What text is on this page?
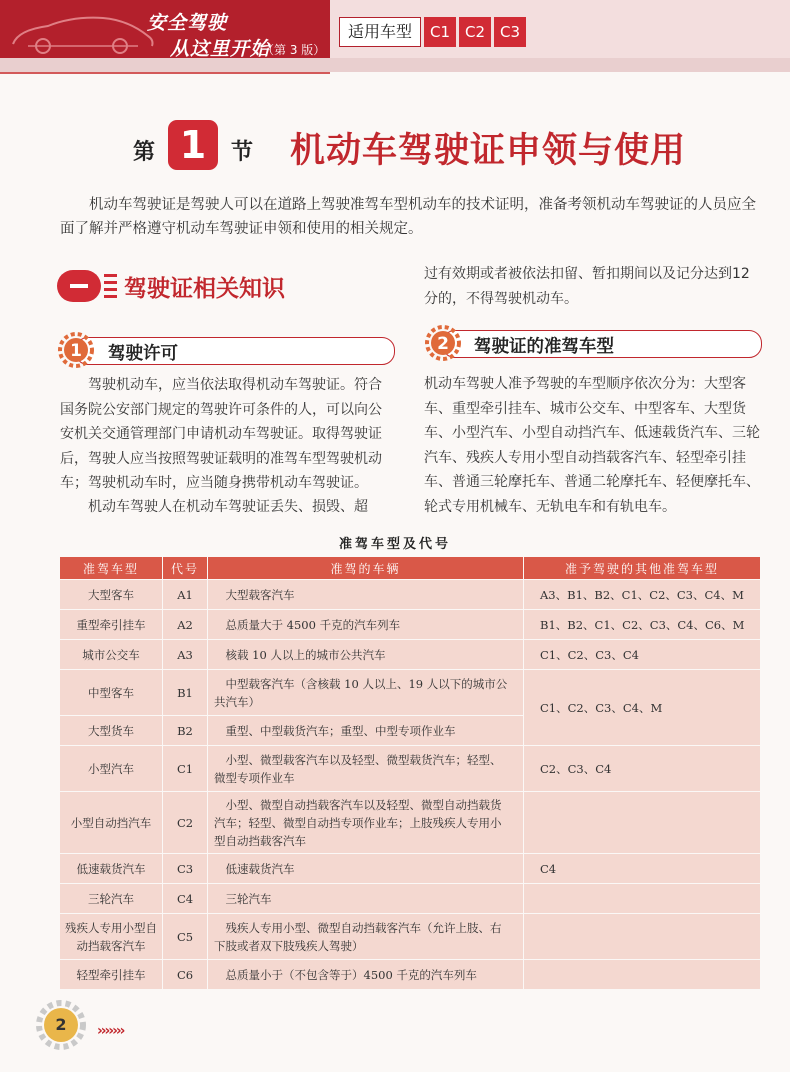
安全驾驶
从这里开始
（第 3 版）
适用车型	C1 C2 C3
第 1	节 机动车驾驶证申领与使用
机动车驾驶证是驾驶人可以在道路上驾驶准驾车型机动车的技术证明，准备考领机动车驾驶证的人员应全面了解并严格遵守机动车驾驶证申领和使用的相关规定。
驾驶证相关知识
1 驾驶许可
驾驶机动车，应当依法取得机动车驾驶证。符合国务院公安部门规定的驾驶许可条件的人，可以向公安机关交通管理部门申请机动车驾驶证。取得驾驶证后，驾驶人应当按照驾驶证载明的准驾车型驾驶机动车；驾驶机动车时，应当随身携带机动车驾驶证。
机动车驾驶人在机动车驾驶证丢失、损毁、超
过有效期或者被依法扣留、暂扣期间以及记分达到12分的，不得驾驶机动车。
2 驾驶证的准驾车型
机动车驾驶人准予驾驶的车型顺序依次分为：大型客车、重型牵引挂车、城市公交车、中型客车、大型货车、小型汽车、小型自动挡汽车、低速载货汽车、三轮汽车、残疾人专用小型自动挡载客汽车、轻型牵引挂车、普通三轮摩托车、普通二轮摩托车、轻便摩托车、轮式专用机械车、无轨电车和有轨电车。
准驾车型及代号
准驾车型	代号	准驾的车辆	准予驾驶的其他准驾车型
大型客车	A1	大型载客汽车	A3、B1、B2、C1、C2、C3、C4、M
重型牵引挂车	A2	总质量大于 4500 千克的汽车列车	B1、B2、C1、C2、C3、C4、C6、M
城市公交车	A3	核载 10 人以上的城市公共汽车	C1、C2、C3、C4
中型客车	B1	中型载客汽车（含核载 10 人以上、19 人以下的城市公共汽车）	C1、C2、C3、C4、M
大型货车	B2	重型、中型载货汽车；重型、中型专项作业车	
小型汽车	C1	小型、微型载客汽车以及轻型、微型载货汽车；轻型、微型专项作业车	C2、C3、C4
小型自动挡汽车	C2	小型、微型自动挡载客汽车以及轻型、微型自动挡载货汽车；轻型、微型自动挡专项作业车；上肢残疾人专用小型自动挡载客汽车	
低速载货汽车	C3	低速载货汽车	C4
三轮汽车	C4	三轮汽车	
残疾人专用小型自动挡载客汽车	C5	残疾人专用小型、微型自动挡载客汽车（允许上肢、右下肢或者双下肢残疾人驾驶）	
轻型牵引挂车	C6	总质量小于（不包含等于）4500 千克的汽车列车	
2	›››››››
